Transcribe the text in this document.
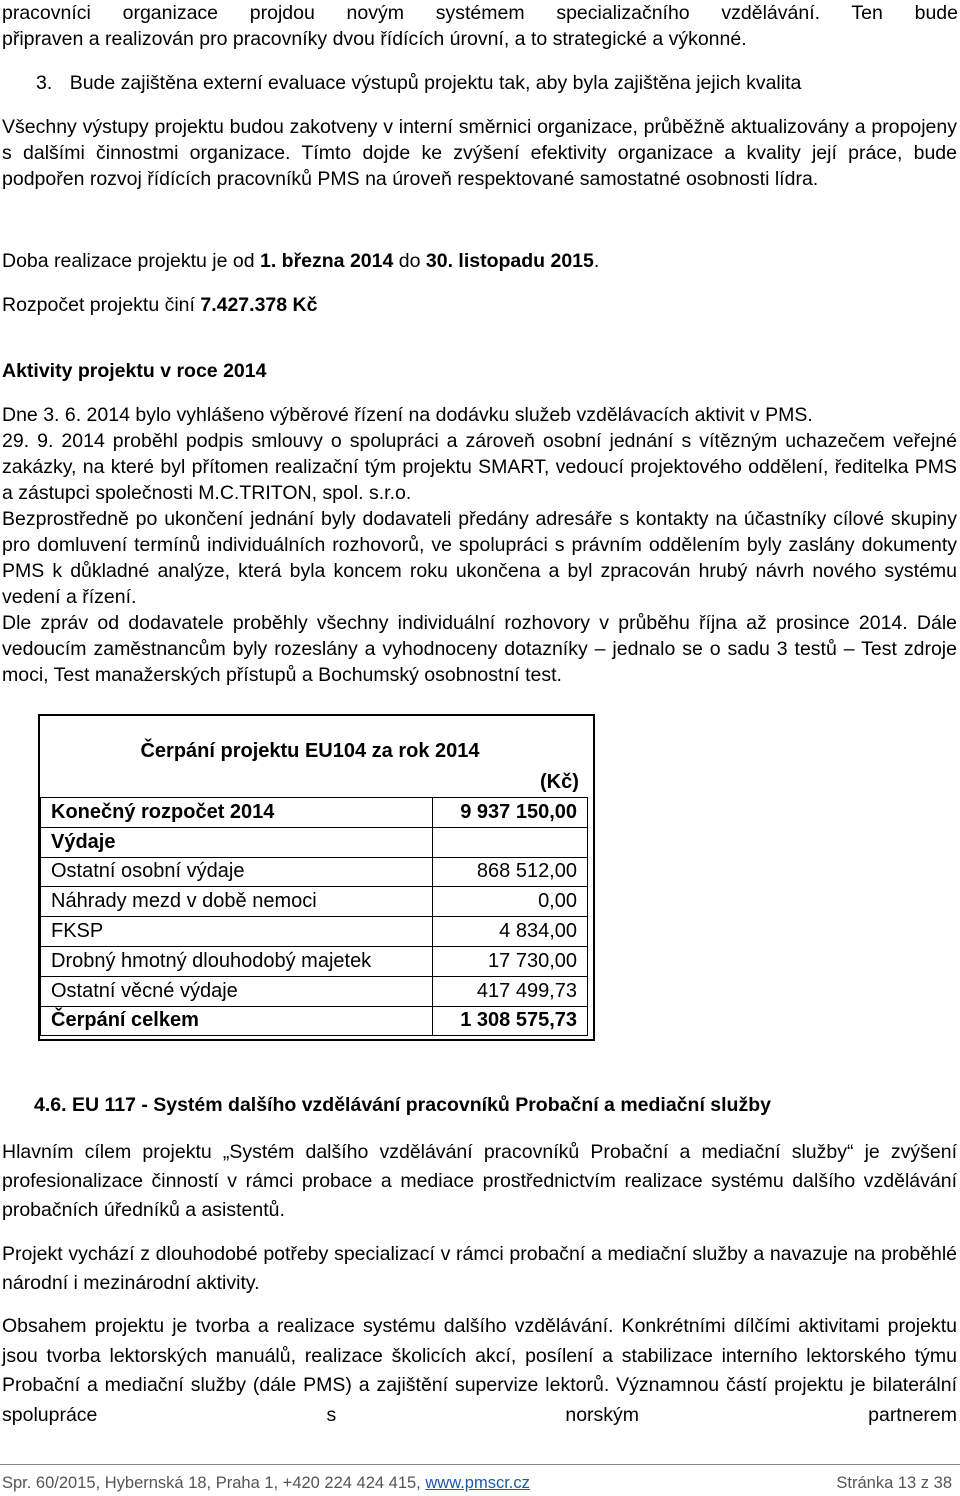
pracovníci organizace projdou novým systémem specializačního vzdělávání. Ten bude

připraven a realizován pro pracovníky dvou řídících úrovní, a to strategické a výkonné.

3. Bude zajištěna externí evaluace výstupů projektu tak, aby byla zajištěna jejich kvalita

Všechny výstupy projektu budou zakotveny v interní směrnici organizace, průběžně aktualizovány a propojeny s dalšími činnostmi organizace. Tímto dojde ke zvýšení efektivity organizace a kvality její práce, bude podpořen rozvoj řídících pracovníků PMS na úroveň respektované samostatné osobnosti lídra.

Doba realizace projektu je od 1. března 2014 do 30. listopadu 2015.

Rozpočet projektu činí 7.427.378 Kč

Aktivity projektu v roce 2014

Dne 3. 6. 2014 bylo vyhlášeno výběrové řízení na dodávku služeb vzdělávacích aktivit v PMS.

29. 9. 2014 proběhl podpis smlouvy o spolupráci a zároveň osobní jednání s vítězným uchazečem veřejné zakázky, na které byl přítomen realizační tým projektu SMART, vedoucí projektového oddělení, ředitelka PMS a zástupci společnosti M.C.TRITON, spol. s.r.o.

Bezprostředně po ukončení jednání byly dodavateli předány adresáře s kontakty na účastníky cílové skupiny pro domluvení termínů individuálních rozhovorů, ve spolupráci s právním oddělením byly zaslány dokumenty PMS k důkladné analýze, která byla koncem roku ukončena a byl zpracován hrubý návrh nového systému vedení a řízení.

Dle zpráv od dodavatele proběhly všechny individuální rozhovory v průběhu října až prosince 2014. Dále vedoucím zaměstnancům byly rozeslány a vyhodnoceny dotazníky – jednalo se o sadu 3 testů – Test zdroje moci, Test manažerských přístupů a Bochumský osobnostní test.

Čerpání projektu EU104 za rok 2014
(Kč)
Konečný rozpočet 2014	9 937 150,00
Výdaje	
Ostatní osobní výdaje	868 512,00
Náhrady mezd v době nemoci	0,00
FKSP	4 834,00
Drobný hmotný dlouhodobý majetek	17 730,00
Ostatní věcné výdaje	417 499,73
Čerpání celkem	1 308 575,73
4.6. EU 117 - Systém dalšího vzdělávání pracovníků Probační a mediační služby

Hlavním cílem projektu „Systém dalšího vzdělávání pracovníků Probační a mediační služby“ je zvýšení profesionalizace činností v rámci probace a mediace prostřednictvím realizace systému dalšího vzdělávání probačních úředníků a asistentů.

Projekt vychází z dlouhodobé potřeby specializací v rámci probační a mediační služby a navazuje na proběhlé národní i mezinárodní aktivity.

Obsahem projektu je tvorba a realizace systému dalšího vzdělávání. Konkrétními dílčími aktivitami projektu jsou tvorba lektorských manuálů, realizace školicích akcí, posílení a stabilizace interního lektorského týmu Probační a mediační služby (dále PMS) a zajištění supervize lektorů. Významnou částí projektu je bilaterální spolupráce s norským partnerem

Spr. 60/2015, Hybernská 18, Praha 1, +420 224 424 415, www.pmscr.cz	Stránka 13 z 38
